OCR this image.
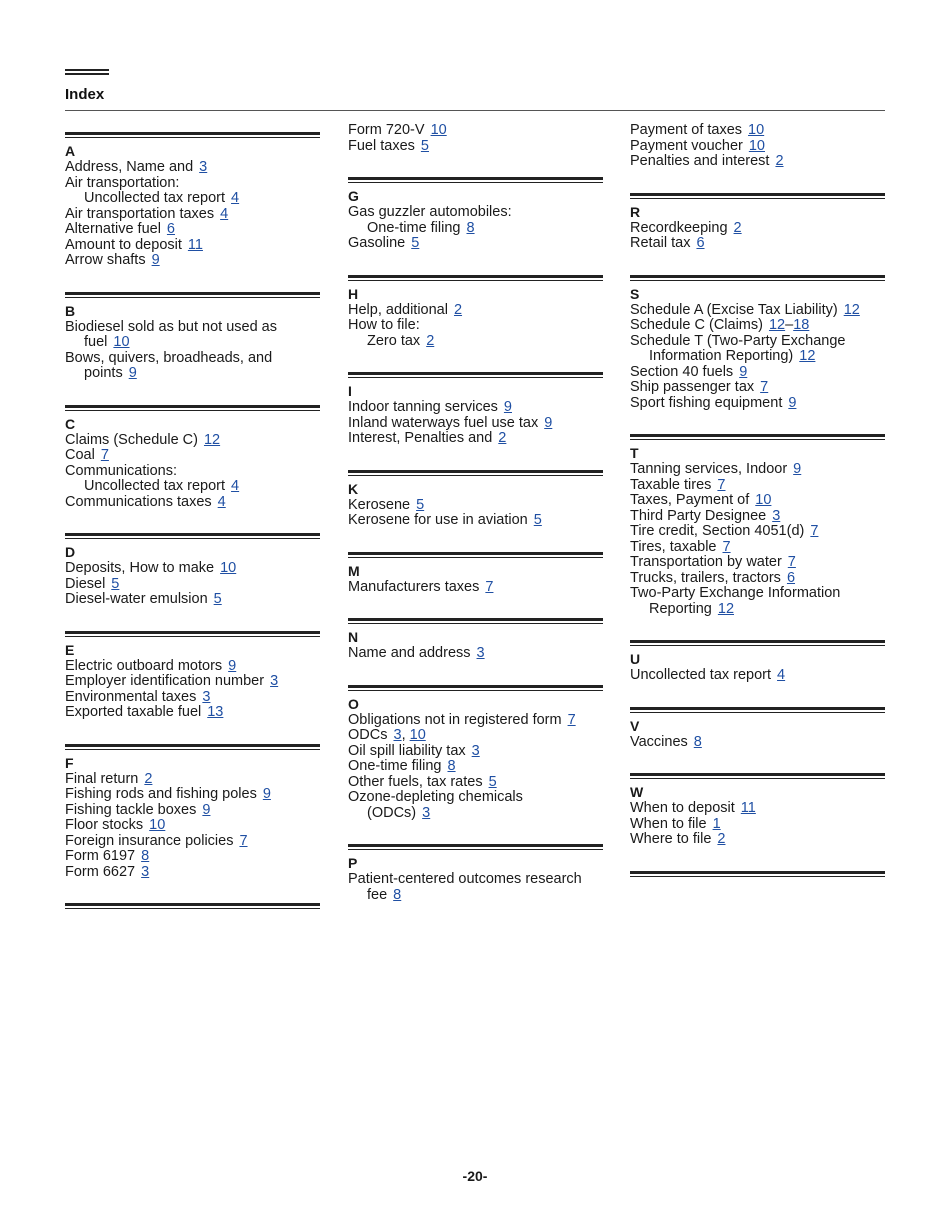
Index
A
Address, Name and 3
Air transportation:
Uncollected tax report 4
Air transportation taxes 4
Alternative fuel 6
Amount to deposit 11
Arrow shafts 9
B
Biodiesel sold as but not used as
fuel 10
Bows, quivers, broadheads, and
points 9
C
Claims (Schedule C) 12
Coal 7
Communications:
Uncollected tax report 4
Communications taxes 4
D
Deposits, How to make 10
Diesel 5
Diesel-water emulsion 5
E
Electric outboard motors 9
Employer identification number 3
Environmental taxes 3
Exported taxable fuel 13
F
Final return 2
Fishing rods and fishing poles 9
Fishing tackle boxes 9
Floor stocks 10
Foreign insurance policies 7
Form 6197 8
Form 6627 3
Form 720-V 10
Fuel taxes 5
G
Gas guzzler automobiles:
One-time filing 8
Gasoline 5
H
Help, additional 2
How to file:
Zero tax 2
I
Indoor tanning services 9
Inland waterways fuel use tax 9
Interest, Penalties and 2
K
Kerosene 5
Kerosene for use in aviation 5
M
Manufacturers taxes 7
N
Name and address 3
O
Obligations not in registered form 7
ODCs 3, 10
Oil spill liability tax 3
One-time filing 8
Other fuels, tax rates 5
Ozone-depleting chemicals
(ODCs) 3
P
Patient-centered outcomes research
fee 8
Payment of taxes 10
Payment voucher 10
Penalties and interest 2
R
Recordkeeping 2
Retail tax 6
S
Schedule A (Excise Tax Liability) 12
Schedule C (Claims) 12–18
Schedule T (Two-Party Exchange
Information Reporting) 12
Section 40 fuels 9
Ship passenger tax 7
Sport fishing equipment 9
T
Tanning services, Indoor 9
Taxable tires 7
Taxes, Payment of 10
Third Party Designee 3
Tire credit, Section 4051(d) 7
Tires, taxable 7
Transportation by water 7
Trucks, trailers, tractors 6
Two-Party Exchange Information
Reporting 12
U
Uncollected tax report 4
V
Vaccines 8
W
When to deposit 11
When to file 1
Where to file 2
-20-
